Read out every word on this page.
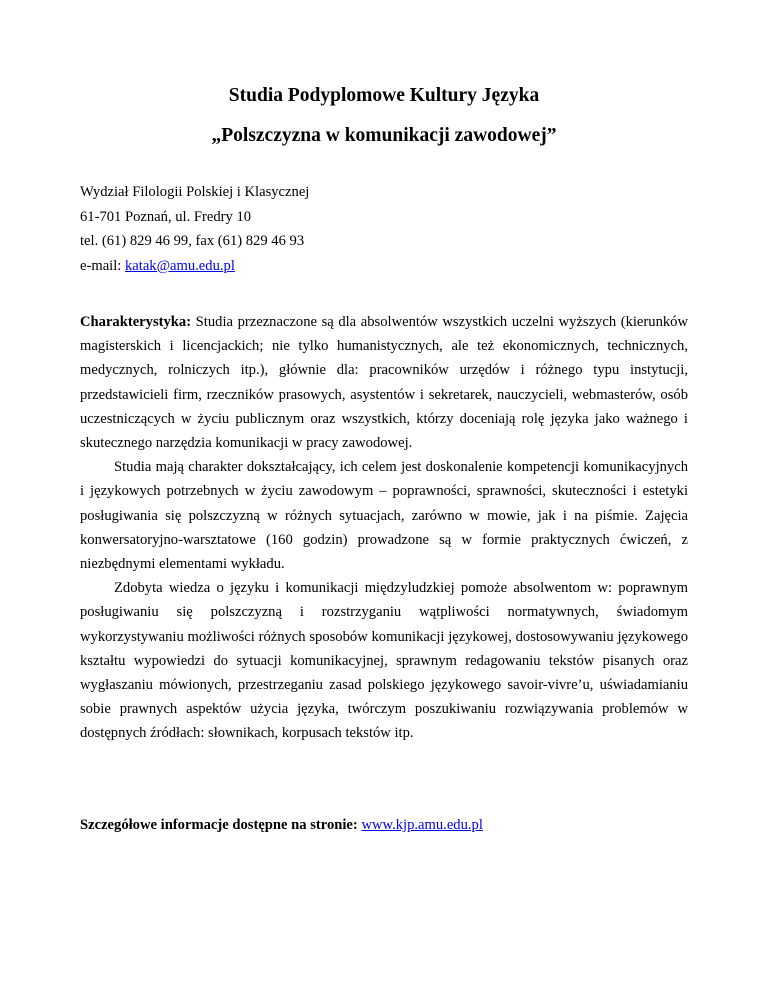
Studia Podyplomowe Kultury Języka
„Polszczyzna w komunikacji zawodowej”
Wydział Filologii Polskiej i Klasycznej
61-701 Poznań, ul. Fredry 10
tel. (61) 829 46 99, fax (61) 829 46 93
e-mail: katak@amu.edu.pl

Charakterystyka: Studia przeznaczone są dla absolwentów wszystkich uczelni wyższych (kierunków magisterskich i licencjackich; nie tylko humanistycznych, ale też ekonomicznych, technicznych, medycznych, rolniczych itp.), głównie dla: pracowników urzędów i różnego typu instytucji, przedstawicieli firm, rzeczników prasowych, asystentów i sekretarek, nauczycieli, webmasterów, osób uczestniczących w życiu publicznym oraz wszystkich, którzy doceniają rolę języka jako ważnego i skutecznego narzędzia komunikacji w pracy zawodowej.

Studia mają charakter dokształcający, ich celem jest doskonalenie kompetencji komunikacyjnych i językowych potrzebnych w życiu zawodowym – poprawności, sprawności, skuteczności i estetyki posługiwania się polszczyzną w różnych sytuacjach, zarówno w mowie, jak i na piśmie. Zajęcia konwersatoryjno-warsztatowe (160 godzin) prowadzone są w formie praktycznych ćwiczeń, z niezbędnymi elementami wykładu.

Zdobyta wiedza o języku i komunikacji międzyludzkiej pomoże absolwentom w: poprawnym posługiwaniu się polszczyzną i rozstrzyganiu wątpliwości normatywnych, świadomym wykorzystywaniu możliwości różnych sposobów komunikacji językowej, dostosowywaniu językowego kształtu wypowiedzi do sytuacji komunikacyjnej, sprawnym redagowaniu tekstów pisanych oraz wygłaszaniu mówionych, przestrzeganiu zasad polskiego językowego savoir-vivre’u, uświadamianiu sobie prawnych aspektów użycia języka, twórczym poszukiwaniu rozwiązywania problemów w dostępnych źródłach: słownikach, korpusach tekstów itp.

Szczegółowe informacje dostępne na stronie: www.kjp.amu.edu.pl
